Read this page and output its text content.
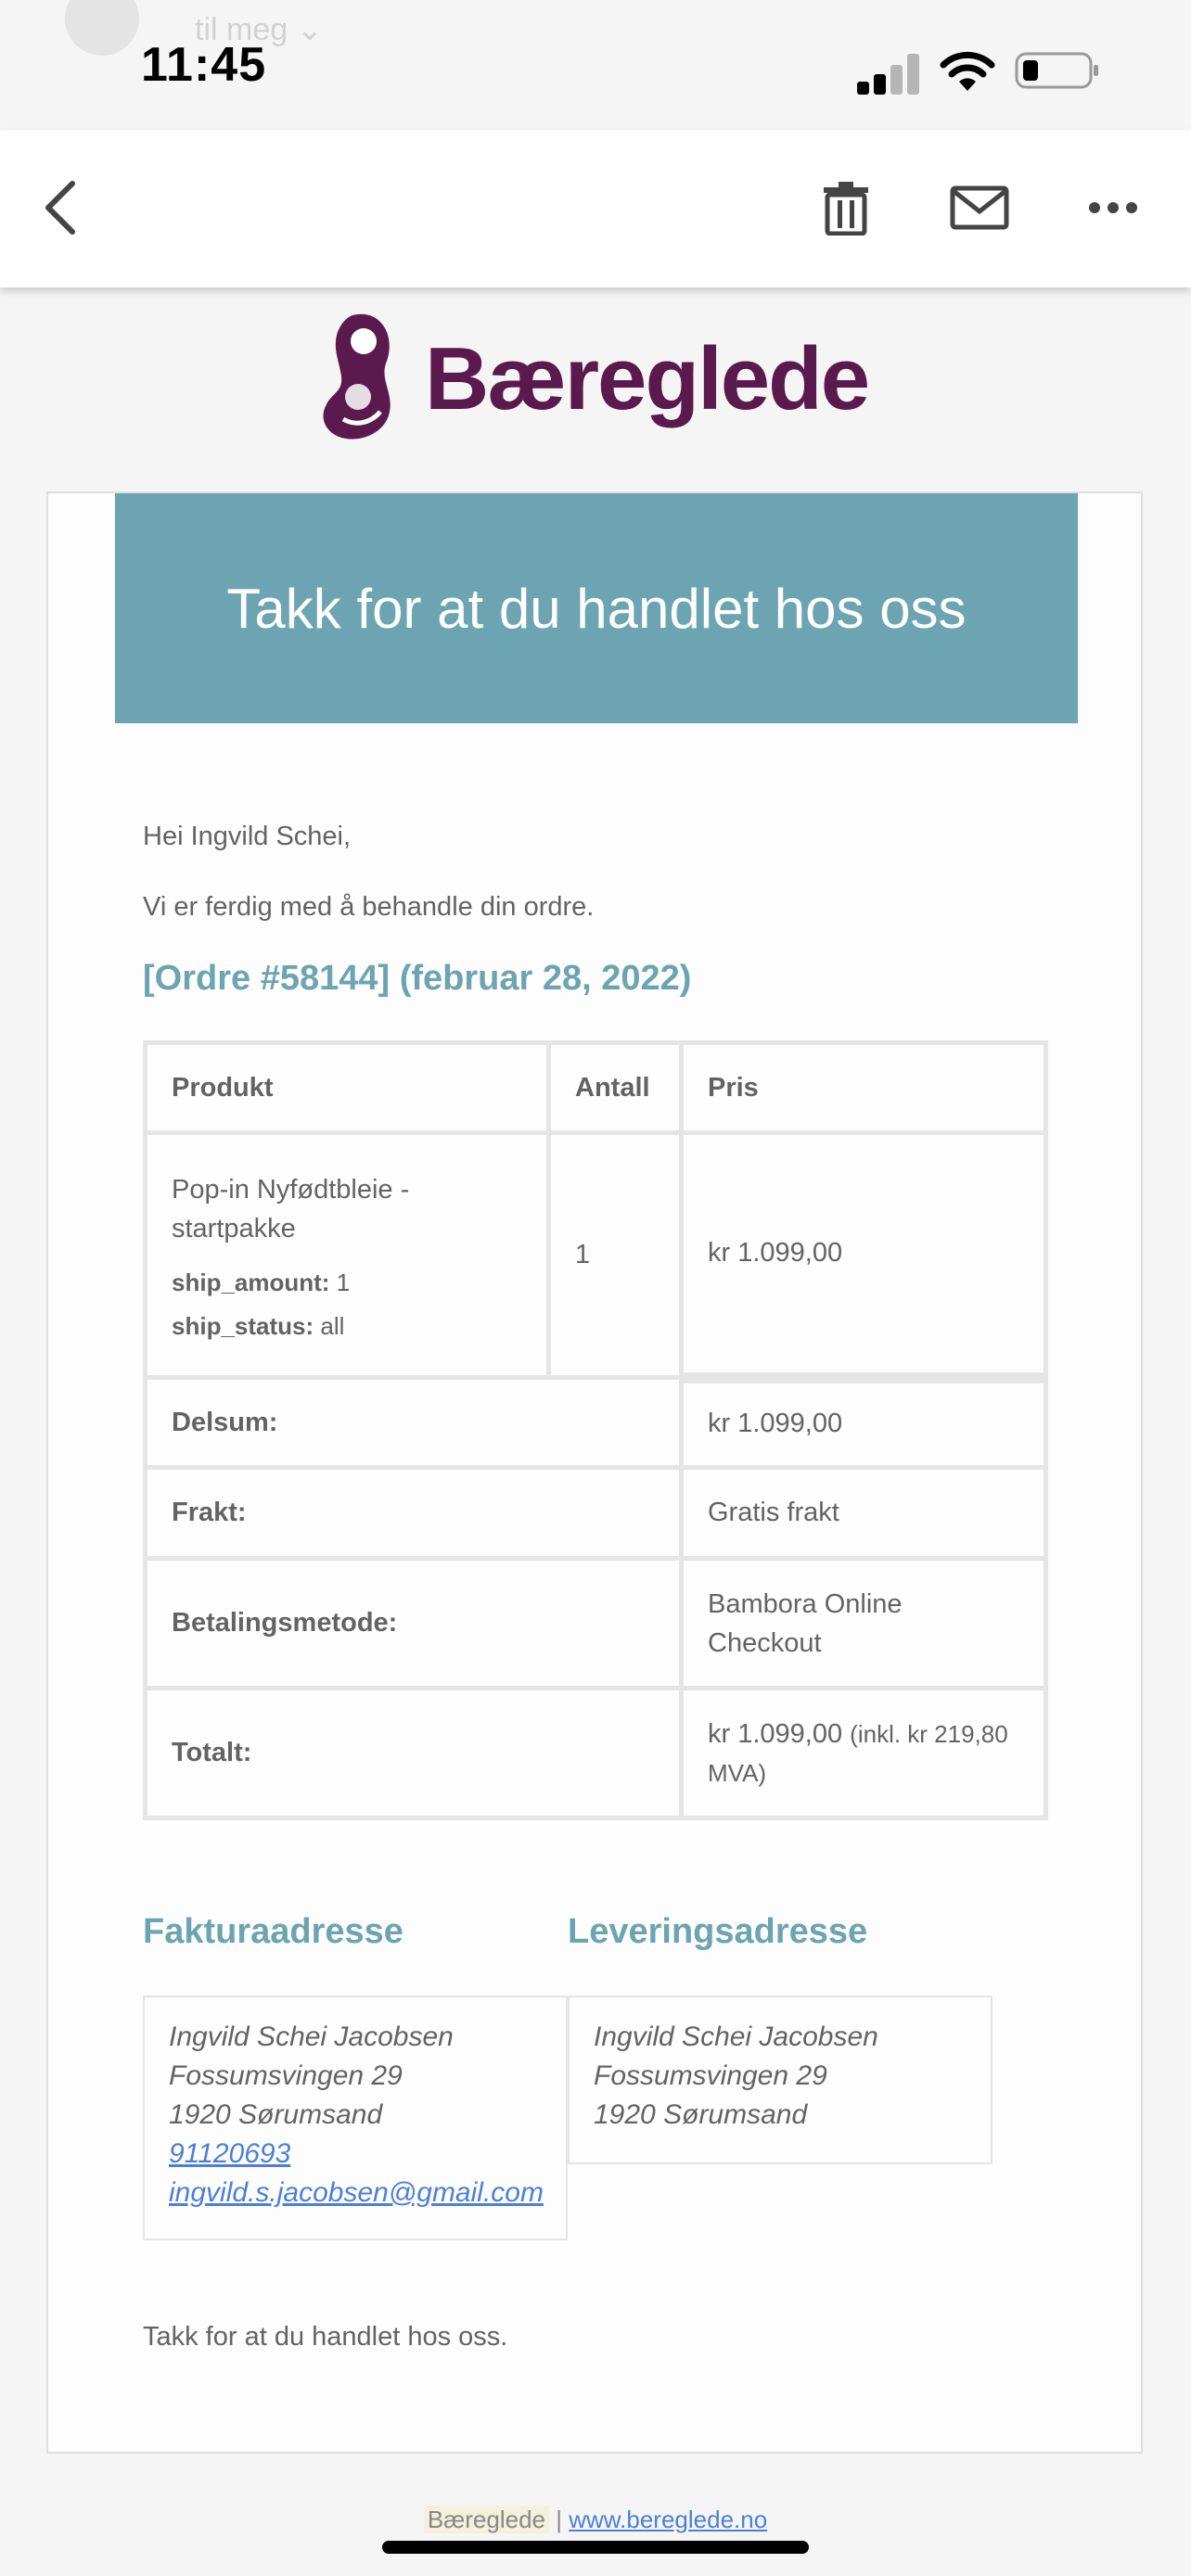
til meg ⌄
11:45
Bæreglede
Takk for at du handlet hos oss
Hei Ingvild Schei,
Vi er ferdig med å behandle din ordre.
[Ordre #58144] (februar 28, 2022)
Produkt	Antall	Pris

Pop-in Nyfødtbleie - startpakke
ship_amount: 1
ship_status: all	1	kr 1.099,00
Delsum:		kr 1.099,00
Frakt:		Gratis frakt
Betalingsmetode:		Bambora Online Checkout
Totalt:		kr 1.099,00 (inkl. kr 219,80 MVA)
Fakturaadresse	Leveringsadresse
Ingvild Schei Jacobsen
Fossumsvingen 29
1920 Sørumsand
91120693
ingvild.s.jacobsen@gmail.com
Ingvild Schei Jacobsen
Fossumsvingen 29
1920 Sørumsand
Takk for at du handlet hos oss.
Bæreglede | www.bereglede.no
